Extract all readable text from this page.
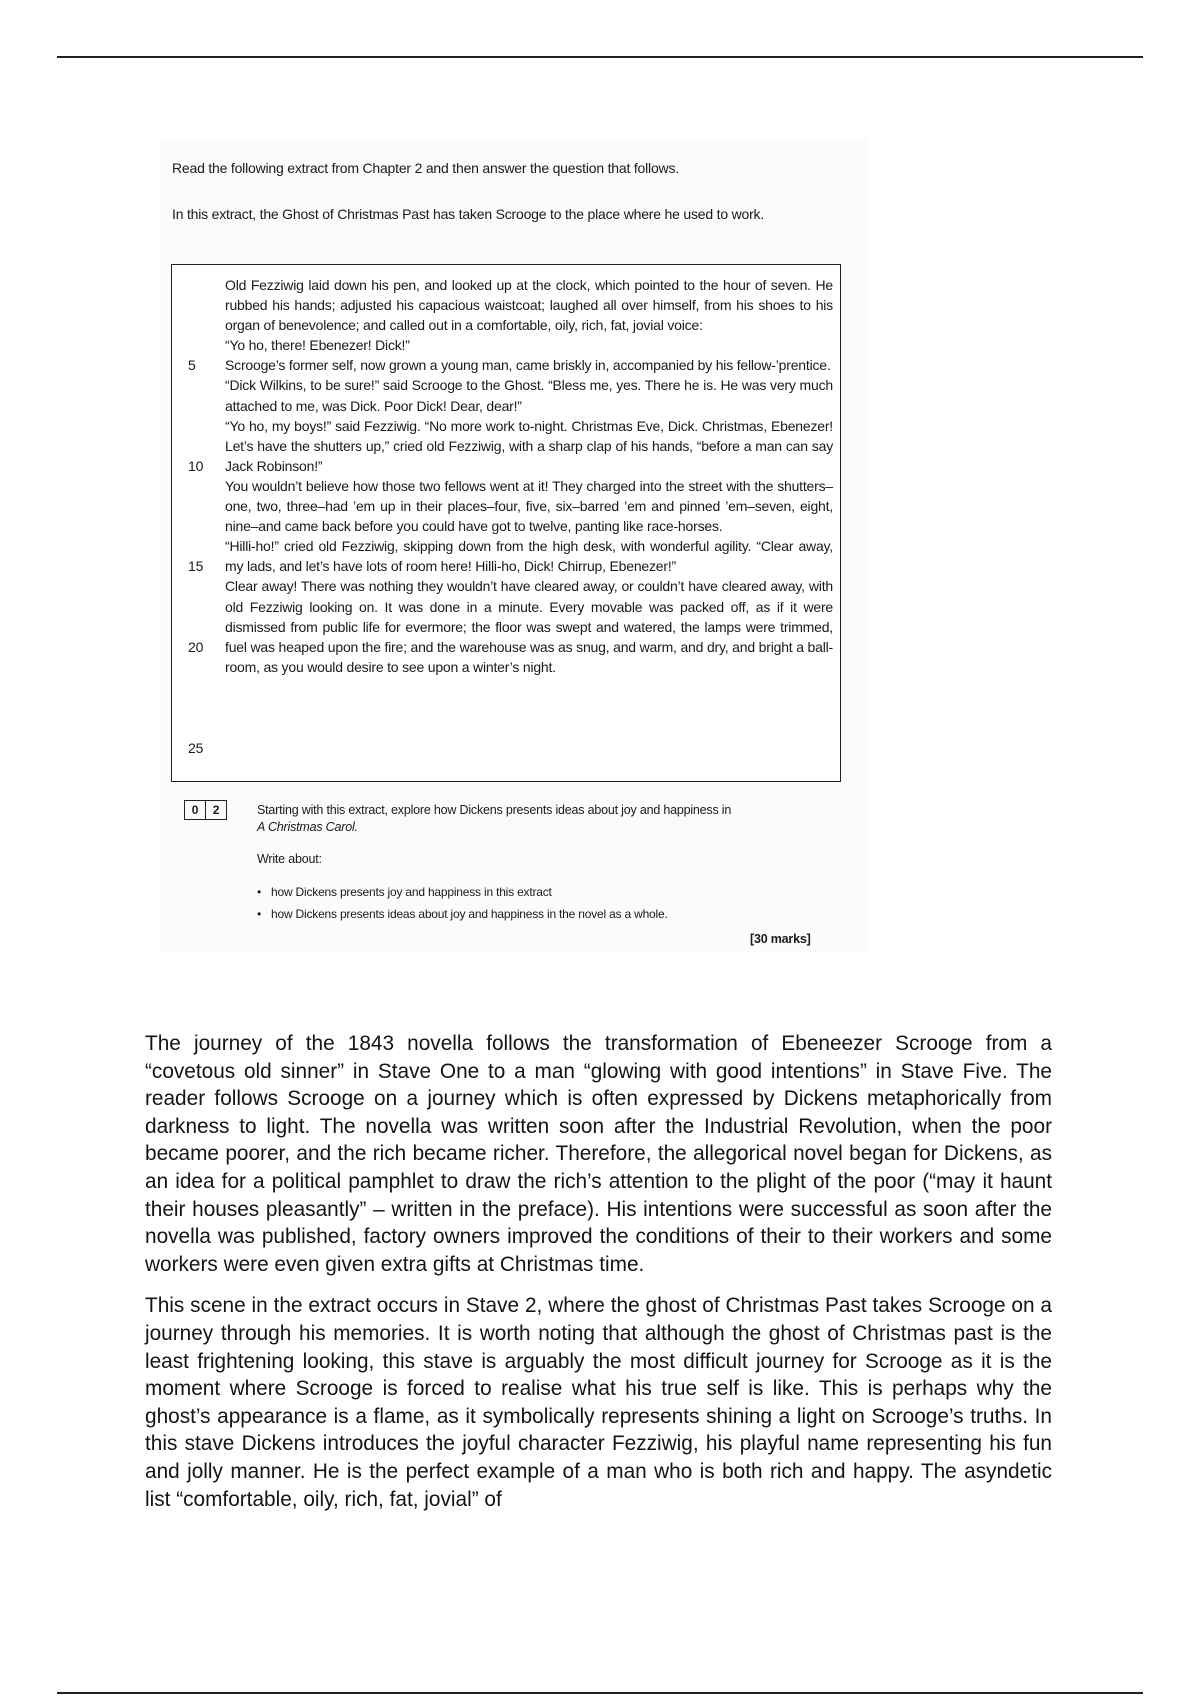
Read the following extract from Chapter 2 and then answer the question that follows.
In this extract, the Ghost of Christmas Past has taken Scrooge to the place where he used to work.
5
10
15
20
25

Old Fezziwig laid down his pen, and looked up at the clock, which pointed to the hour of seven. He rubbed his hands; adjusted his capacious waistcoat; laughed all over himself, from his shoes to his organ of benevolence; and called out in a comfortable, oily, rich, fat, jovial voice:

“Yo ho, there! Ebenezer! Dick!”

Scrooge’s former self, now grown a young man, came briskly in, accompanied by his fellow-’prentice.

“Dick Wilkins, to be sure!” said Scrooge to the Ghost. “Bless me, yes. There he is. He was very much attached to me, was Dick. Poor Dick! Dear, dear!”

“Yo ho, my boys!” said Fezziwig. “No more work to-night. Christmas Eve, Dick. Christmas, Ebenezer! Let’s have the shutters up,” cried old Fezziwig, with a sharp clap of his hands, “before a man can say Jack Robinson!”

You wouldn’t believe how those two fellows went at it! They charged into the street with the shutters–one, two, three–had ’em up in their places–four, five, six–barred ’em and pinned ’em–seven, eight, nine–and came back before you could have got to twelve, panting like race-horses.

“Hilli-ho!” cried old Fezziwig, skipping down from the high desk, with wonderful agility. “Clear away, my lads, and let’s have lots of room here! Hilli-ho, Dick! Chirrup, Ebenezer!”

Clear away! There was nothing they wouldn’t have cleared away, or couldn’t have cleared away, with old Fezziwig looking on. It was done in a minute. Every movable was packed off, as if it were dismissed from public life for evermore; the floor was swept and watered, the lamps were trimmed, fuel was heaped upon the fire; and the warehouse was as snug, and warm, and dry, and bright a ball-room, as you would desire to see upon a winter’s night.

0	2	Starting with this extract, explore how Dickens presents ideas about joy and happiness in
A Christmas Carol.
Write about:
• how Dickens presents joy and happiness in this extract
• how Dickens presents ideas about joy and happiness in the novel as a whole.
[30 marks]

The journey of the 1843 novella follows the transformation of Ebeneezer Scrooge from a “covetous old sinner” in Stave One to a man “glowing with good intentions” in Stave Five. The reader follows Scrooge on a journey which is often expressed by Dickens metaphorically from darkness to light. The novella was written soon after the Industrial Revolution, when the poor became poorer, and the rich became richer. Therefore, the allegorical novel began for Dickens, as an idea for a political pamphlet to draw the rich’s attention to the plight of the poor (“may it haunt their houses pleasantly” – written in the preface). His intentions were successful as soon after the novella was published, factory owners improved the conditions of their to their workers and some workers were even given extra gifts at Christmas time.

This scene in the extract occurs in Stave 2, where the ghost of Christmas Past takes Scrooge on a journey through his memories. It is worth noting that although the ghost of Christmas past is the least frightening looking, this stave is arguably the most difficult journey for Scrooge as it is the moment where Scrooge is forced to realise what his true self is like. This is perhaps why the ghost’s appearance is a flame, as it symbolically represents shining a light on Scrooge’s truths. In this stave Dickens introduces the joyful character Fezziwig, his playful name representing his fun and jolly manner. He is the perfect example of a man who is both rich and happy. The asyndetic list “comfortable, oily, rich, fat, jovial” of
